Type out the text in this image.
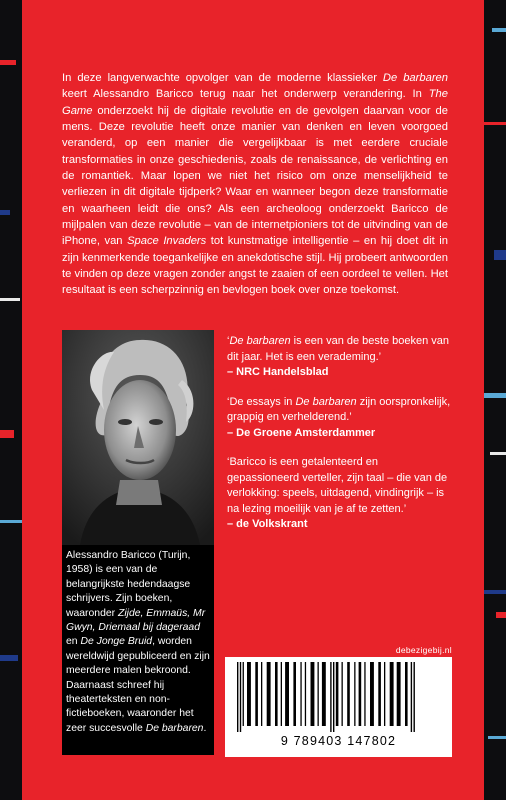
In deze langverwachte opvolger van de moderne klassieker De barbaren keert Alessandro Baricco terug naar het onderwerp verandering. In The Game onderzoekt hij de digitale revolutie en de gevolgen daarvan voor de mens. Deze revolutie heeft onze manier van denken en leven voorgoed veranderd, op een manier die vergelijkbaar is met eerdere cruciale transformaties in onze geschiedenis, zoals de renaissance, de verlichting en de romantiek. Maar lopen we niet het risico om onze menselijkheid te verliezen in dit digitale tijdperk? Waar en wanneer begon deze transformatie en waarheen leidt die ons? Als een archeoloog onderzoekt Baricco de mijlpalen van deze revolutie – van de internetpioniers tot de uitvinding van de iPhone, van Space Invaders tot kunstmatige intelligentie – en hij doet dit in zijn kenmerkende toegankelijke en anekdotische stijl. Hij probeert antwoorden te vinden op deze vragen zonder angst te zaaien of een oordeel te vellen. Het resultaat is een scherpzinnig en bevlogen boek over onze toekomst.

Alessandro Baricco (Turijn, 1958) is een van de belangrijkste hedendaagse schrijvers. Zijn boeken, waaronder Zijde, Emmaüs, Mr Gwyn, Driemaal bij dageraad en De Jonge Bruid, worden wereldwijd gepubliceerd en zijn meerdere malen bekroond. Daarnaast schreef hij theaterteksten en non-fictieboeken, waaronder het zeer succesvolle De barbaren.

‘De barbaren is een van de beste boeken van dit jaar. Het is een verademing.’
– NRC Handelsblad

‘De essays in De barbaren zijn oorspronkelijk, grappig en verhelderend.’
– De Groene Amsterdammer

‘Baricco is een getalenteerd en gepassioneerd verteller, zijn taal – die van de verlokking: speels, uitdagend, vindingrijk – is na lezing moeilijk van je af te zetten.’
– de Volkskrant

debezigebij.nl
9 789403 147802
